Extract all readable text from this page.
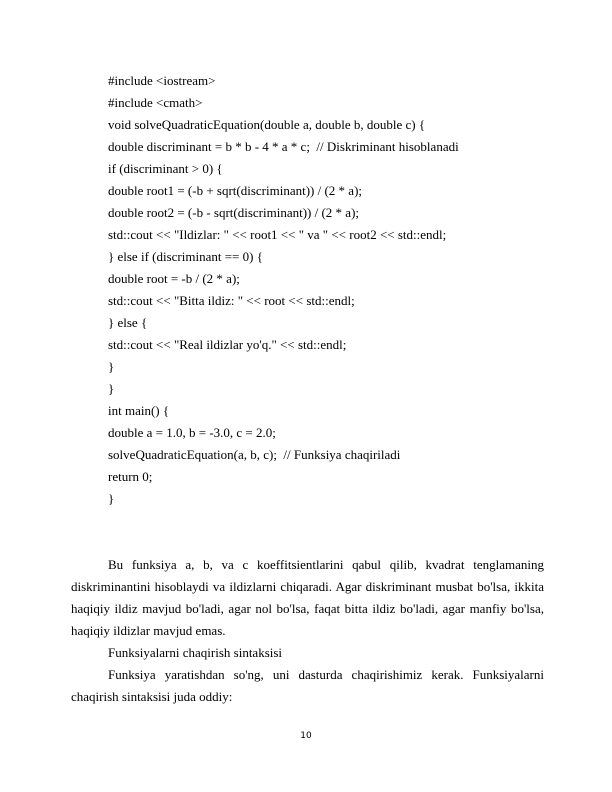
#include <iostream>
#include <cmath>
void solveQuadraticEquation(double a, double b, double c) {
double discriminant = b * b - 4 * a * c;  // Diskriminant hisoblanadi
if (discriminant > 0) {
double root1 = (-b + sqrt(discriminant)) / (2 * a);
double root2 = (-b - sqrt(discriminant)) / (2 * a);
std::cout << "Ildizlar: " << root1 << " va " << root2 << std::endl;
} else if (discriminant == 0) {
double root = -b / (2 * a);
std::cout << "Bitta ildiz: " << root << std::endl;
} else {
std::cout << "Real ildizlar yo'q." << std::endl;
}
}
int main() {
double a = 1.0, b = -3.0, c = 2.0;
solveQuadraticEquation(a, b, c);  // Funksiya chaqiriladi
return 0;
}

Bu funksiya a, b, va c koeffitsientlarini qabul qilib, kvadrat tenglamaning diskriminantini hisoblaydi va ildizlarni chiqaradi. Agar diskriminant musbat bo'lsa, ikkita haqiqiy ildiz mavjud bo'ladi, agar nol bo'lsa, faqat bitta ildiz bo'ladi, agar manfiy bo'lsa, haqiqiy ildizlar mavjud emas.

Funksiyalarni chaqirish sintaksisi

Funksiya yaratishdan so'ng, uni dasturda chaqirishimiz kerak. Funksiyalarni chaqirish sintaksisi juda oddiy:

10
